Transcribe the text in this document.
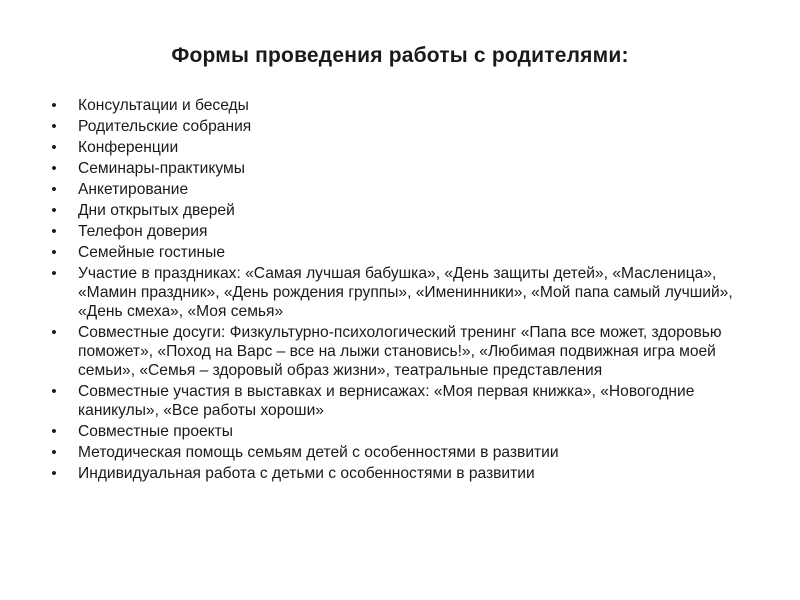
Формы проведения работы с родителями:
• Консультации и беседы
• Родительские собрания
• Конференции
• Семинары-практикумы
• Анкетирование
• Дни открытых дверей
• Телефон доверия
• Семейные гостиные
• Участие в праздниках: «Самая лучшая бабушка», «День защиты детей», «Масленица», «Мамин праздник», «День рождения группы», «Именинники», «Мой папа самый лучший», «День смеха», «Моя семья»
• Совместные досуги: Физкультурно-психологический тренинг «Папа все может, здоровью поможет», «Поход на Варс – все на лыжи становись!», «Любимая подвижная игра моей семьи», «Семья – здоровый образ жизни», театральные представления
• Совместные участия в выставках и вернисажах: «Моя первая книжка», «Новогодние каникулы», «Все работы хороши»
• Совместные проекты
• Методическая помощь семьям детей с особенностями в развитии
• Индивидуальная работа с детьми с особенностями в развитии
